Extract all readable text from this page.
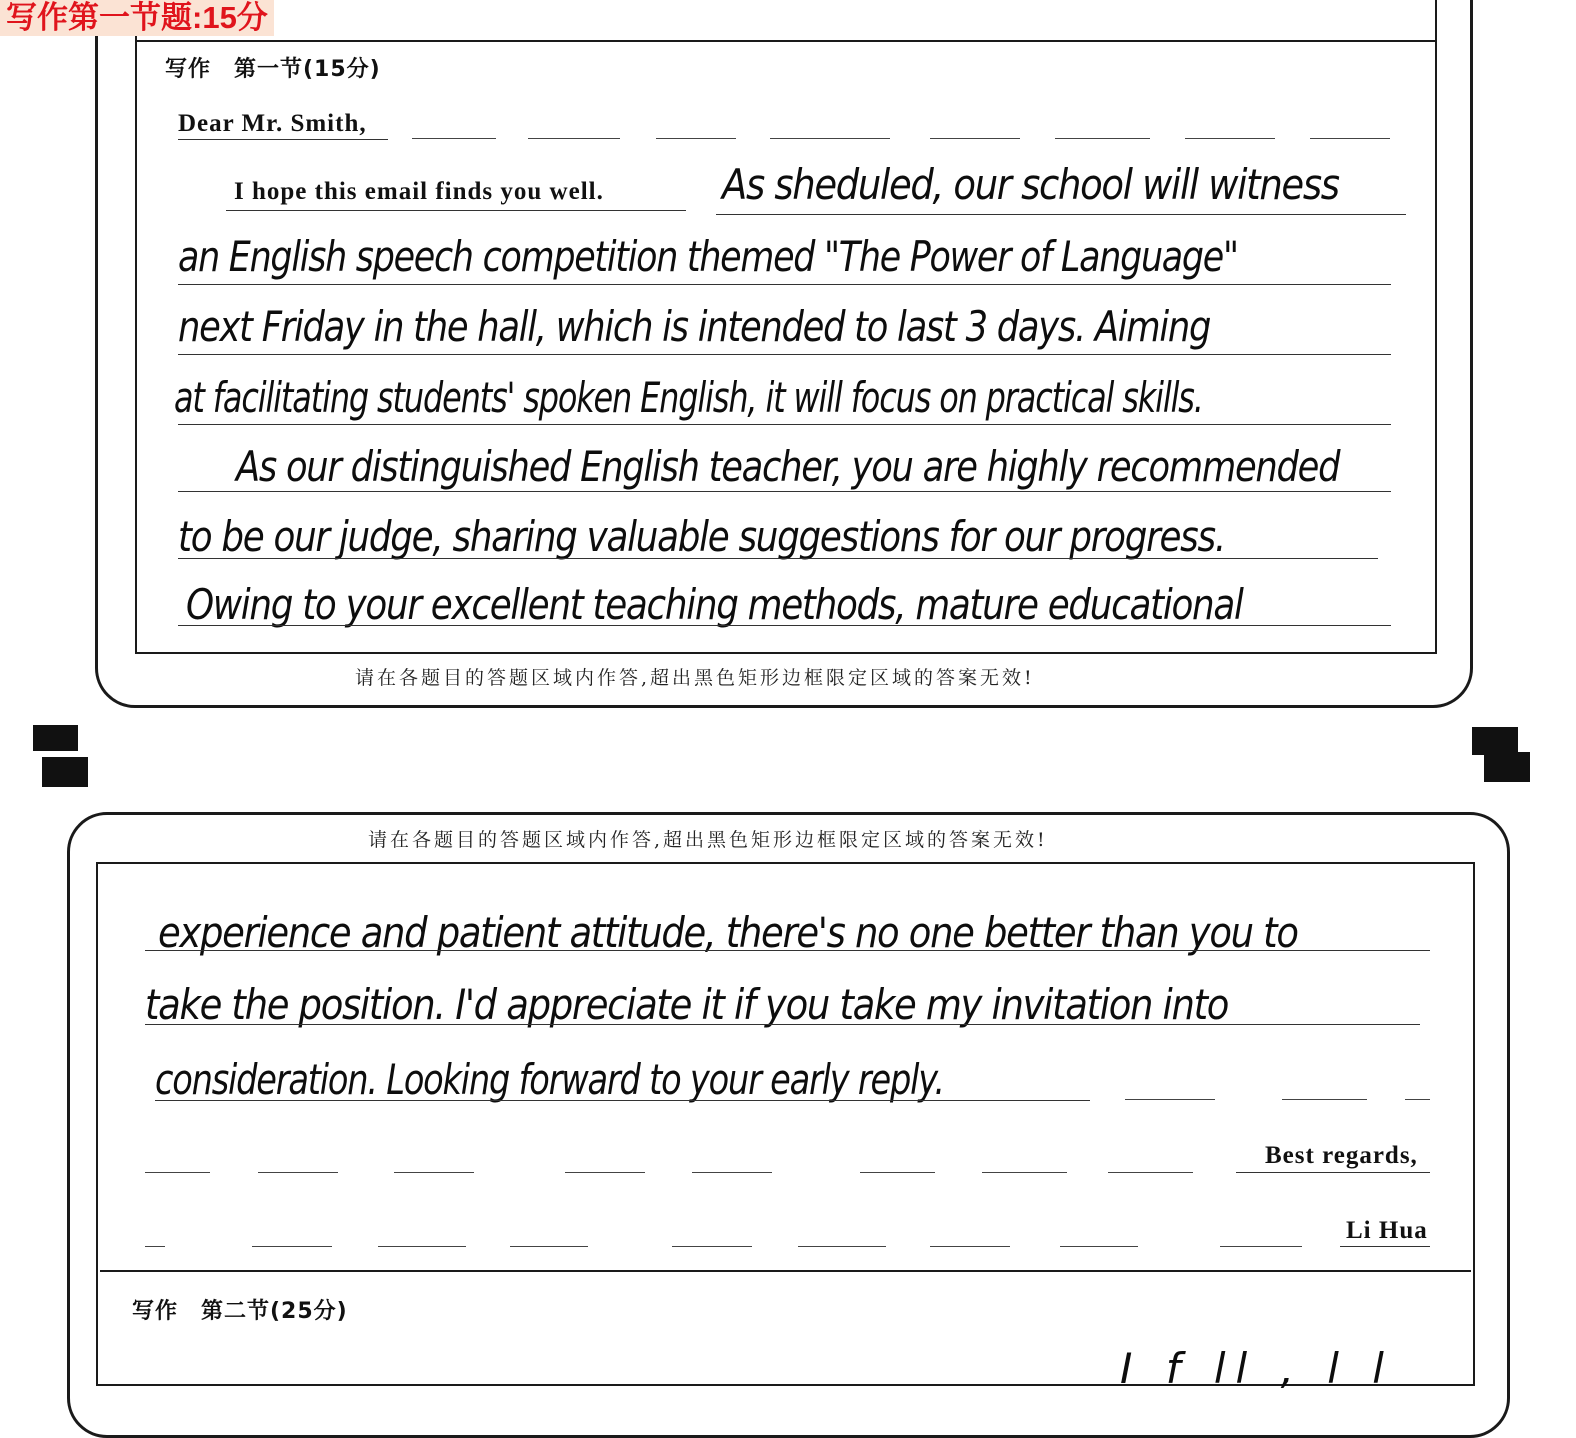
写作第一节题:15分
写作　第一节(15分)
Dear Mr. Smith,
I hope this email finds you well.	As sheduled, our school will witness
an English speech competition themed "The Power of Language"
next Friday in the hall, which is intended to last 3 days. Aiming
at facilitating students' spoken English, it will focus on practical skills.
As our distinguished English teacher, you are highly recommended
to be our judge, sharing valuable suggestions for our progress.
Owing to your excellent teaching methods, mature educational
请在各题目的答题区域内作答,超出黑色矩形边框限定区域的答案无效!
请在各题目的答题区域内作答,超出黑色矩形边框限定区域的答案无效!
experience and patient attitude, there's no one better than you to
take the position. I'd appreciate it if you take my invitation into
consideration. Looking forward to your early reply.
Best regards,
Li Hua
写作　第二节(25分)
I f ll , l l
